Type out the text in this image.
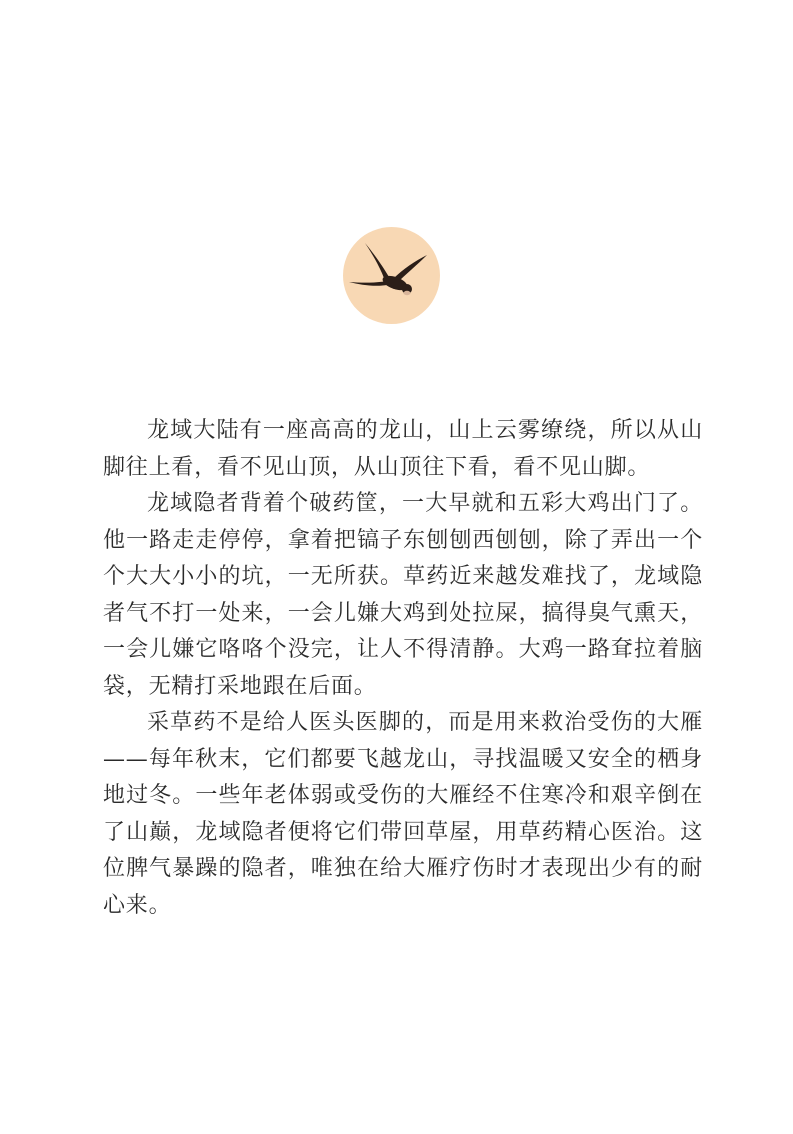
龙域大陆有一座高高的龙山，山上云雾缭绕，所以从山脚往上看，看不见山顶，从山顶往下看，看不见山脚。

龙域隐者背着个破药筐，一大早就和五彩大鸡出门了。他一路走走停停，拿着把镐子东刨刨西刨刨，除了弄出一个个大大小小的坑，一无所获。草药近来越发难找了，龙域隐者气不打一处来，一会儿嫌大鸡到处拉屎，搞得臭气熏天，一会儿嫌它咯咯个没完，让人不得清静。大鸡一路耷拉着脑袋，无精打采地跟在后面。

采草药不是给人医头医脚的，而是用来救治受伤的大雁——每年秋末，它们都要飞越龙山，寻找温暖又安全的栖身地过冬。一些年老体弱或受伤的大雁经不住寒冷和艰辛倒在了山巅，龙域隐者便将它们带回草屋，用草药精心医治。这位脾气暴躁的隐者，唯独在给大雁疗伤时才表现出少有的耐心来。
